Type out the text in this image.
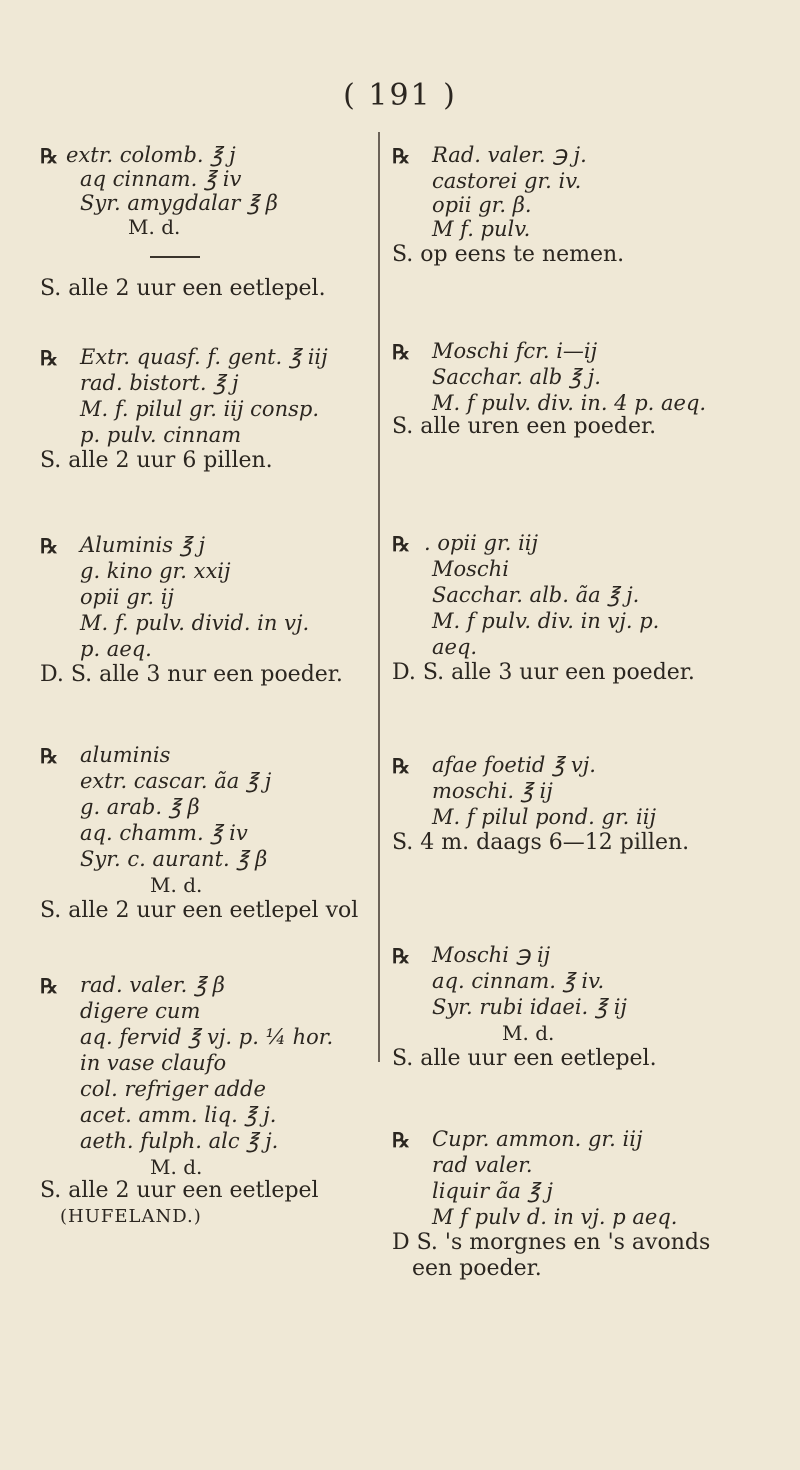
( 191 )
℞ extr. colomb. ℥ j
aq cinnam. ℥ iv
Syr. amygdalar ℥ β
M. d.
S. alle 2 uur een eetlepel.
℞ Extr. quasf. f. gent. ℥ iij
rad. bistort. ℥ j
M. f. pilul gr. iij consp.
p. pulv. cinnam
S. alle 2 uur 6 pillen.
℞ Aluminis ℥ j
g. kino gr. xxij
opii gr. ij
M. f. pulv. divid. in vj.
p. aeq.
D. S. alle 3 nur een poeder.
℞ aluminis
extr. cascar. ãa ℥ j
g. arab. ℥ β
aq. chamm. ℥ iv
Syr. c. aurant. ℥ β
M. d.
S. alle 2 uur een eetlepel vol
℞ rad. valer. ℥ β
digere cum
aq. fervid ℥ vj. p. ¼ hor.
in vase claufo
col. refriger adde
acet. amm. liq. ℥ j.
aeth. fulph. alc ℥ j.
M. d.
S. alle 2 uur een eetlepel
(HUFELAND.)
℞ Rad. valer. ℈ j.
castorei gr. iv.
opii gr. β.
M f. pulv.
S. op eens te nemen.
℞ Moschi fcr. i—ij
Sacchar. alb ℥ j.
M. f pulv. div. in. 4 p. aeq.
S. alle uren een poeder.
℞ . opii gr. iij
Moschi
Sacchar. alb. ãa ℥ j.
M. f pulv. div. in vj. p.
aeq.
D. S. alle 3 uur een poeder.
℞ afae foetid ℥ vj.
moschi. ℥ ij
M. f pilul pond. gr. iij
S. 4 m. daags 6—12 pillen.
℞ Moschi ℈ ij
aq. cinnam. ℥ iv.
Syr. rubi idaei. ℥ ij
M. d.
S. alle uur een eetlepel.
℞ Cupr. ammon. gr. iij
rad valer.
liquir ãa ℥ j
M f pulv d. in vj. p aeq.
D S. 's morgnes en 's avonds
een poeder.
